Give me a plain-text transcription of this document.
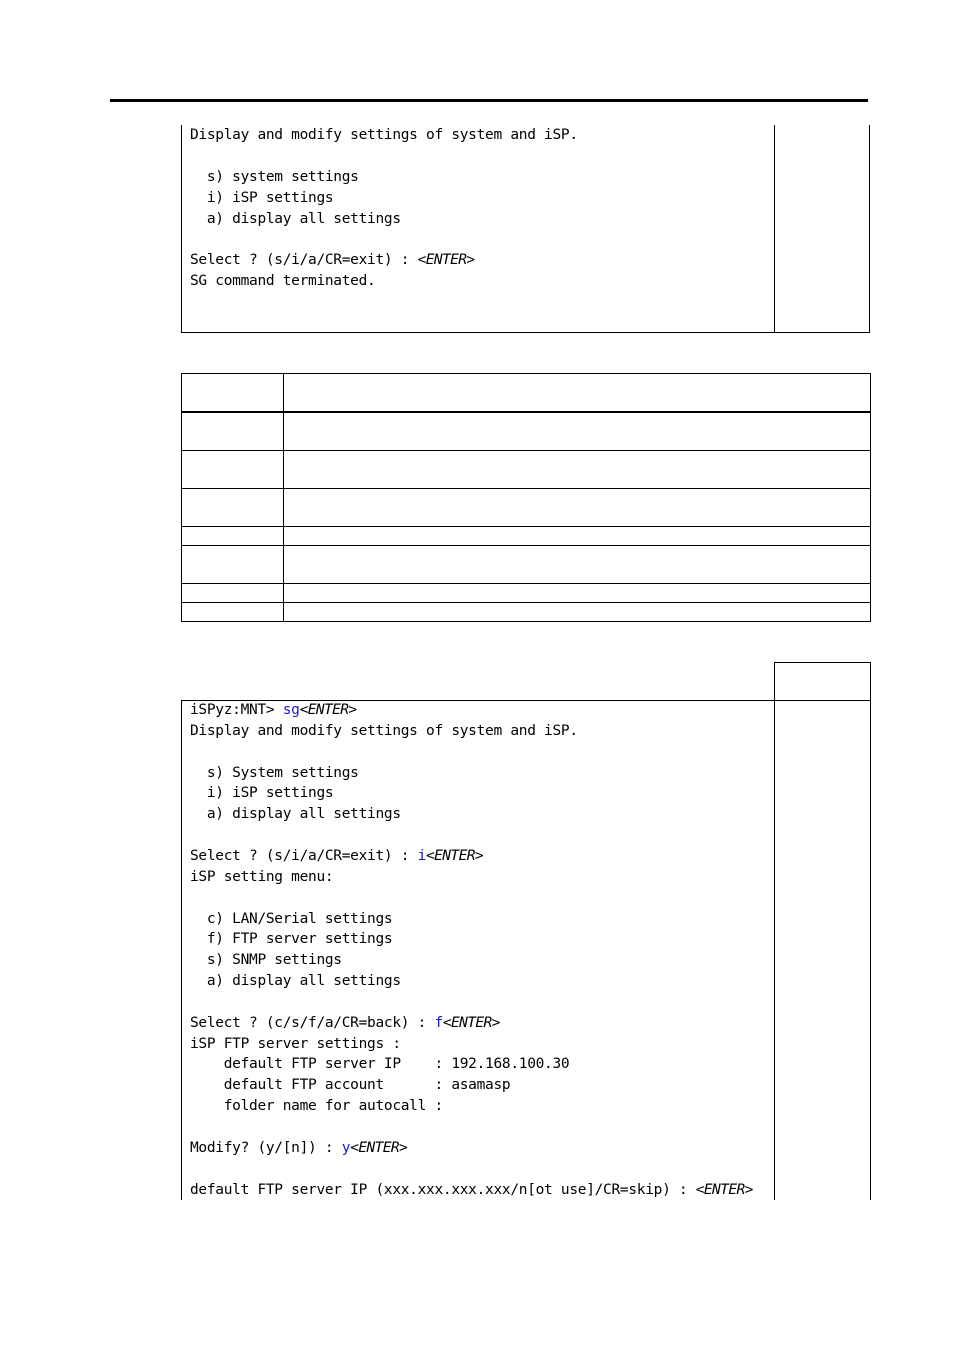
Display and modify settings of system and iSP.
s) system settings
i) iSP settings
a) display all settings
Select ? (s/i/a/CR=exit) : <ENTER>
SG command terminated.

iSPyz:MNT> sg<ENTER>
Display and modify settings of system and iSP.
s) System settings
i) iSP settings
a) display all settings
Select ? (s/i/a/CR=exit) : i<ENTER>
iSP setting menu:
c) LAN/Serial settings
f) FTP server settings
s) SNMP settings
a) display all settings
Select ? (c/s/f/a/CR=back) : f<ENTER>
iSP FTP server settings :
default FTP server IP    : 192.168.100.30
default FTP account      : asamasp
folder name for autocall :
Modify? (y/[n]) : y<ENTER>
default FTP server IP (xxx.xxx.xxx.xxx/n[ot use]/CR=skip) : <ENTER>
